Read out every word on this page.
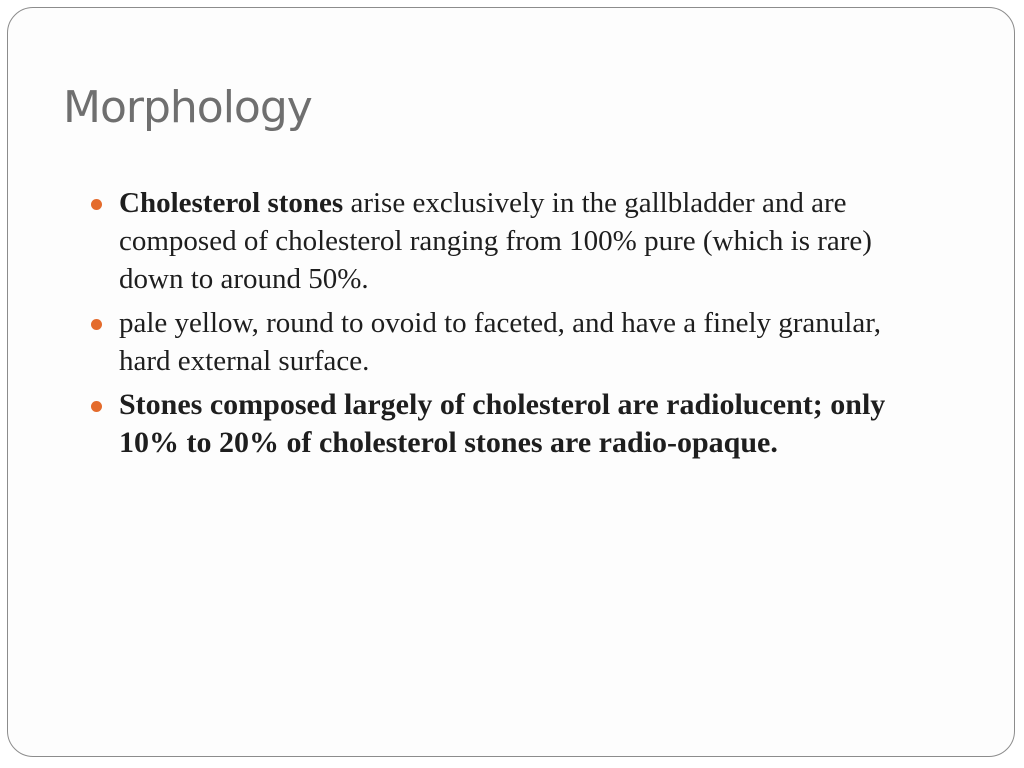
Morphology
Cholesterol stones arise exclusively in the gallbladder and are composed of cholesterol ranging from 100% pure (which is rare) down to around 50%.
pale yellow, round to ovoid to faceted, and have a finely granular, hard external surface.
Stones composed largely of cholesterol are radiolucent; only 10% to 20% of cholesterol stones are radio-opaque.
